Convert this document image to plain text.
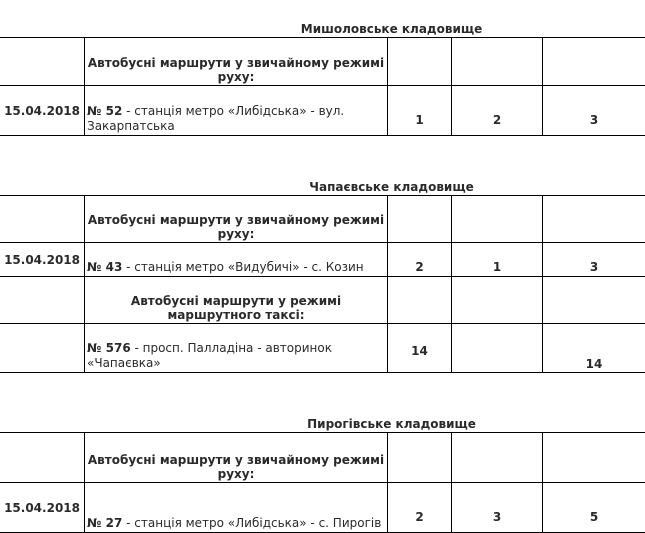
Мишоловське кладовище				
	Автобусні маршрути у звичайному режимі руху:			
15.04.2018	№ 52 - станція метро «Либідська» - вул. Закарпатська	1	2	3
Чапаєвське кладовище				
	Автобусні маршрути у звичайному режимі руху:			
15.04.2018	№ 43 - станція метро «Видубичі» - с. Козин	2	1	3
	Автобусні маршрути у режимі маршрутного таксі:			
	№ 576 - просп. Палладіна - авторинок «Чапаєвка»	14		14
Пирогівське кладовище				
	Автобусні маршрути у звичайному режимі руху:			
15.04.2018	№ 27 - станція метро «Либідська» - с. Пирогів	2	3	5
